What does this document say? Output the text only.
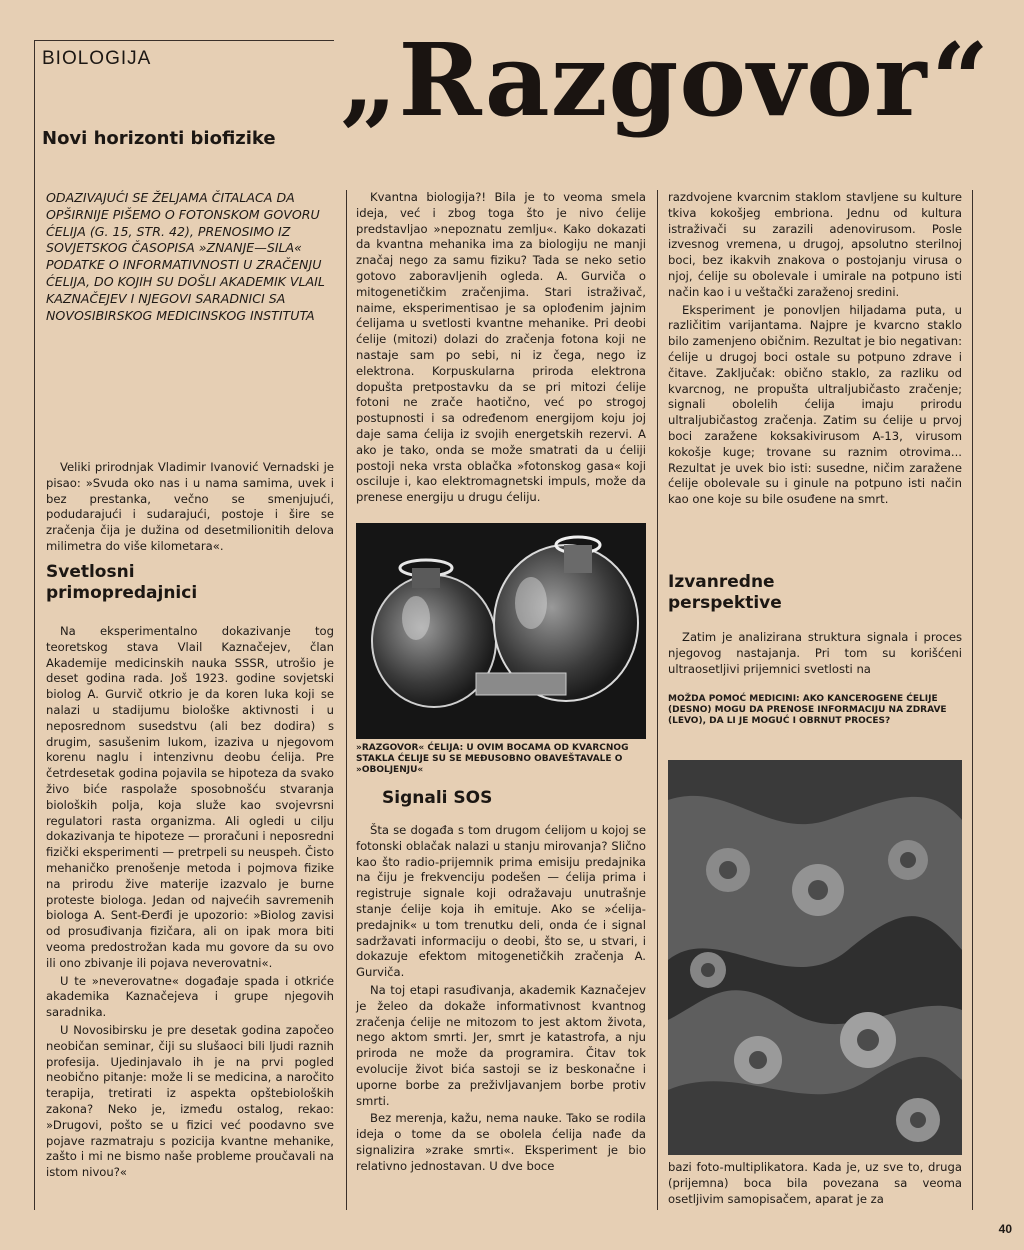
BIOLOGIJA
Novi horizonti biofizike „Razgovor“
ODAZIVAJUĆI SE ŽELJAMA ČITALACA DA OPŠIRNIJE PIŠEMO O FOTONSKOM GOVORU ĆELIJA (G. 15, STR. 42), PRENOSIMO IZ SOVJETSKOG ČASOPISA »ZNANJE—SILA« PODATKE O INFORMATIVNOSTI U ZRAČENJU ĆELIJA, DO KOJIH SU DOŠLI AKADEMIK VLAIL KAZNAČEJEV I NJEGOVI SARADNICI SA NOVOSIBIRSKOG MEDICINSKOG INSTITUTA

Veliki prirodnjak Vladimir Ivanović Vernadski je pisao: »Svuda oko nas i u nama samima, uvek i bez prestanka, večno se smenjujući, podudarajući i sudarajući, postoje i šire se zračenja čija je dužina od desetmilionitih delova milimetra do više kilometara«.

Svetlosni primopredajnici

Na eksperimentalno dokazivanje tog teoretskog stava Vlail Kaznačejev, član Akademije medicinskih nauka SSSR, utrošio je deset godina rada. Još 1923. godine sovjetski biolog A. Gurvič otkrio je da koren luka koji se nalazi u stadijumu biološke aktivnosti i u neposrednom susedstvu (ali bez dodira) s drugim, sasušenim lukom, izaziva u njegovom korenu naglu i intenzivnu deobu ćelija. Pre četrdesetak godina pojavila se hipoteza da svako živo biće raspolaže sposobnošću stvaranja bioloških polja, koja služe kao svojevrsni regulatori rasta organizma. Ali ogledi u cilju dokazivanja te hipoteze — proračuni i neposredni fizički eksperimenti — pretrpeli su neuspeh. Čisto mehaničko prenošenje metoda i pojmova fizike na prirodu žive materije izazvalo je burne proteste biologa. Jedan od najvećih savremenih biologa A. Sent-Đerđi je upozorio: »Biolog zavisi od prosuđivanja fizičara, ali on ipak mora biti veoma predostrožan kada mu govore da su ovo ili ono zbivanje ili pojava neverovatni«.

U te »neverovatne« događaje spada i otkriće akademika Kaznačejeva i grupe njegovih saradnika.

U Novosibirsku je pre desetak godina započeo neobičan seminar, čiji su slušaoci bili ljudi raznih profesija. Ujedinjavalo ih je na prvi pogled neobično pitanje: može li se medicina, a naročito terapija, tretirati iz aspekta opštebioloških zakona? Neko je, između ostalog, rekao: »Drugovi, pošto se u fizici već poodavno sve pojave razmatraju s pozicija kvantne mehanike, zašto i mi ne bismo naše probleme proučavali na istom nivou?«

Kvantna biologija?! Bila je to veoma smela ideja, već i zbog toga što je nivo ćelije predstavljao »nepoznatu zemlju«. Kako dokazati da kvantna mehanika ima za biologiju ne manji značaj nego za samu fiziku? Tada se neko setio gotovo zaboravljenih ogleda. A. Gurviča o mitogenetičkim zračenjima. Stari istraživač, naime, eksperimentisao je sa oplođenim jajnim ćelijama u svetlosti kvantne mehanike. Pri deobi ćelije (mitozi) dolazi do zračenja fotona koji ne nastaje sam po sebi, ni iz čega, nego iz elektrona. Korpuskularna priroda elektrona dopušta pretpostavku da se pri mitozi ćelije fotoni ne zrače haotično, već po strogoj postupnosti i sa određenom energijom koju joj daje sama ćelija iz svojih energetskih rezervi. A ako je tako, onda se može smatrati da u ćeliji postoji neka vrsta oblačka »fotonskog gasa« koji osciluje i, kao elektromagnetski impuls, može da prenese energiju u drugu ćeliju.

»RAZGOVOR« ĆELIJA: U OVIM BOCAMA OD KVARCNOG STAKLA ĆELIJE SU SE MEĐUSOBNO OBAVEŠTAVALE O »OBOLJENJU«
Signali SOS

Šta se događa s tom drugom ćelijom u kojoj se fotonski oblačak nalazi u stanju mirovanja? Slično kao što radio-prijemnik prima emisiju predajnika na čiju je frekvenciju podešen — ćelija prima i registruje signale koji odražavaju unutrašnje stanje ćelije koja ih emituje. Ako se »ćelija-predajnik« u tom trenutku deli, onda će i signal sadržavati informaciju o deobi, što se, u stvari, i dokazuje efektom mitogenetičkih zračenja A. Gurviča.

Na toj etapi rasuđivanja, akademik Kaznačejev je želeo da dokaže informativnost kvantnog zračenja ćelije ne mitozom to jest aktom života, nego aktom smrti. Jer, smrt je katastrofa, a nju priroda ne može da programira. Čitav tok evolucije život bića sastoji se iz beskonačne i uporne borbe za preživljavanjem borbe protiv smrti.

Bez merenja, kažu, nema nauke. Tako se rodila ideja o tome da se obolela ćelija nađe da signalizira »zrake smrti«. Eksperiment je bio relativno jednostavan. U dve boce

razdvojene kvarcnim staklom stavljene su kulture tkiva kokošjeg embriona. Jednu od kultura istraživači su zarazili adenovirusom. Posle izvesnog vremena, u drugoj, apsolutno sterilnoj boci, bez ikakvih znakova o postojanju virusa o njoj, ćelije su obolevale i umirale na potpuno isti način kao i u veštački zaraženoj sredini.

Eksperiment je ponovljen hiljadama puta, u različitim varijantama. Najpre je kvarcno staklo bilo zamenjeno običnim. Rezultat je bio negativan: ćelije u drugoj boci ostale su potpuno zdrave i čitave. Zaključak: obično staklo, za razliku od kvarcnog, ne propušta ultraljubičasto zračenje; signali obolelih ćelija imaju prirodu ultraljubičastog zračenja. Zatim su ćelije u prvoj boci zaražene koksakivirusom A-13, virusom kokošje kuge; trovane su raznim otrovima... Rezultat je uvek bio isti: susedne, ničim zaražene ćelije obolevale su i ginule na potpuno isti način kao one koje su bile osuđene na smrt.

Izvanredne perspektive

Zatim je analizirana struktura signala i proces njegovog nastajanja. Pri tom su korišćeni ultraosetljivi prijemnici svetlosti na

MOŽDA POMOĆ MEDICINI: AKO KANCEROGENE ĆELIJE (DESNO) MOGU DA PRENOSE INFORMACIJU NA ZDRAVE (LEVO), DA LI JE MOGUĆ I OBRNUT PROCES?

bazi foto-multiplikatora. Kada je, uz sve to, druga (prijemna) boca bila povezana sa veoma osetljivim samopisačem, aparat je za

40
